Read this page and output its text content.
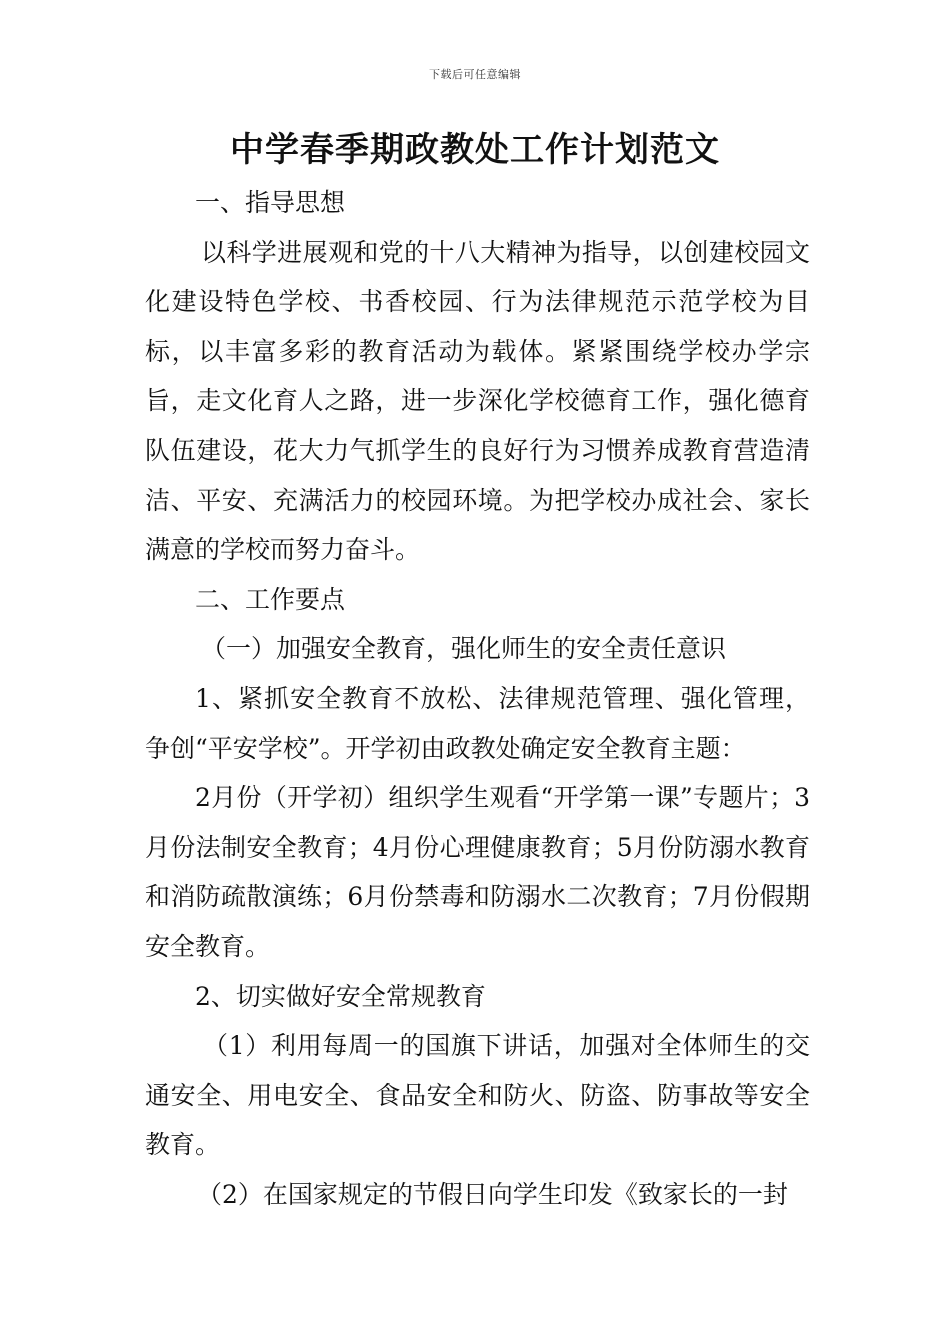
下载后可任意编辑
中学春季期政教处工作计划范文

一、指导思想

以科学进展观和党的十八大精神为指导，以创建校园文化建设特色学校、书香校园、行为法律规范示范学校为目标，以丰富多彩的教育活动为载体。紧紧围绕学校办学宗旨，走文化育人之路，进一步深化学校德育工作，强化德育队伍建设，花大力气抓学生的良好行为习惯养成教育营造清洁、平安、充满活力的校园环境。为把学校办成社会、家长满意的学校而努力奋斗。

二、工作要点

（一）加强安全教育，强化师生的安全责任意识

1、紧抓安全教育不放松、法律规范管理、强化管理，争创“平安学校”。开学初由政教处确定安全教育主题：

2月份（开学初）组织学生观看“开学第一课”专题片；3月份法制安全教育；4月份心理健康教育；5月份防溺水教育和消防疏散演练；6月份禁毒和防溺水二次教育；7月份假期安全教育。

2、切实做好安全常规教育

（1）利用每周一的国旗下讲话，加强对全体师生的交通安全、用电安全、食品安全和防火、防盗、防事故等安全教育。

（2）在国家规定的节假日向学生印发《致家长的一封
